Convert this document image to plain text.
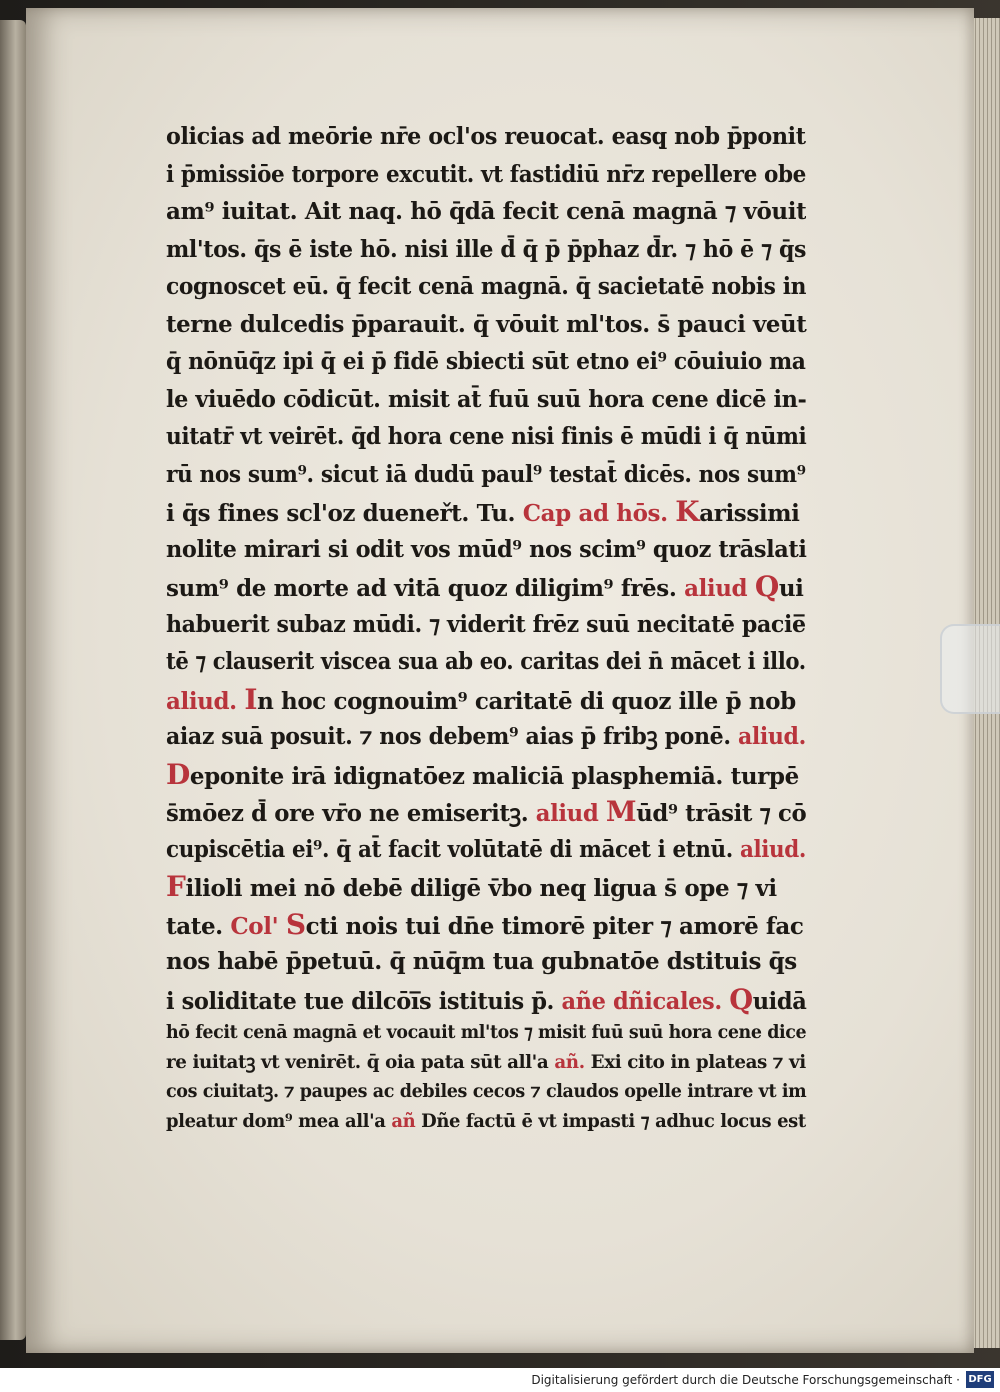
olicias ad meōrie nr̄e ocl'os reuocat. easq̧ nob p̄ponit
i p̄missiōe torpore excutit. vt fastidiū nr̄z repellere obe
am⁹ iuitat. Ait naq̧. hō q̄dā fecit cenā magnā ⁊ vōuit
ml'tos. q̄s ē iste hō. nisi ille d̄ q̄ p̄ p̄phaz d̄r. ⁊ hō ē ⁊ q̄s
cognoscet eū. q̄ fecit cenā magnā. q̄ sacietatē nobis in
terne dulcedis p̄parauit. q̄ vōuit ml'tos. s̄ pauci veūt
q̄ nōnūq̄z ipi q̄ ei p̄ fidē sbiecti sūt etno ei⁹ cōuiuio ma
le viuēdo cōdicūt. misit at̄ fuū suū hora cene dicē in-
uitatr̄ vt veirēt. q̄d hora cene nisi finis ē mūdi i q̄ nūmi
rū nos sum⁹. sicut iā dudū paul⁹ testat̄ dicēs. nos sum⁹
i q̄s fines scl'oz dueneřt. Tu. Cap ad hōs. Karissimi
nolite mirari si odit vos mūd⁹ nos scim⁹ quoz trāslati
sum⁹ de morte ad vitā quoz diligim⁹ frēs. aliud Qui
habuerit subaz mūdi. ⁊ viderit frēz suū necitatē pacie̅
tē ⁊ clauserit viscea sua ab eo. caritas dei n̄ mācet i illo.
aliud. In hoc cognouim⁹ caritatē di quoz ille p̄ nob
aiaz suā posuit. ⁊ nos debem⁹ aias p̄ fribꝫ ponē. aliud.
Deponite irā idignatōez maliciā plasphemiā. turpē
s̄mōez d̄ ore vr̄o ne emiseritꝫ. aliud Mūd⁹ trāsit ⁊ cō
cupiscētia ei⁹. q̄ at̄ facit volūtatē di mācet i etnū. aliud.
Filioli mei nō debē diligē v̄bo neq̧ ligua s̄ ope ⁊ vi
tate. Col' Scti nois tui dn̄e timorē piter ⁊ amorē fac
nos habē p̄petuū. q̄ nūq̄m tua gubnatōe dstituis q̄s
i soliditate tue dilcōi̅s istituis p̄. añe dñicales. Quidā
hō fecit cenā magnā et vocauit ml'tos ⁊ misit fuū suū hora cene dice
re iuitatꝫ vt venirēt. q̄ oia pata sūt all'a añ. Exi cito in plateas ⁊ vi
cos ciuitatꝫ. ⁊ paupes ac debiles cecos ⁊ claudos opelle intrare vt im
pleatur dom⁹ mea all'a añ Dñe factū ē vt impasti ⁊ adhuc locus est
Digitalisierung gefördert durch die Deutsche Forschungsgemeinschaft · DFG
